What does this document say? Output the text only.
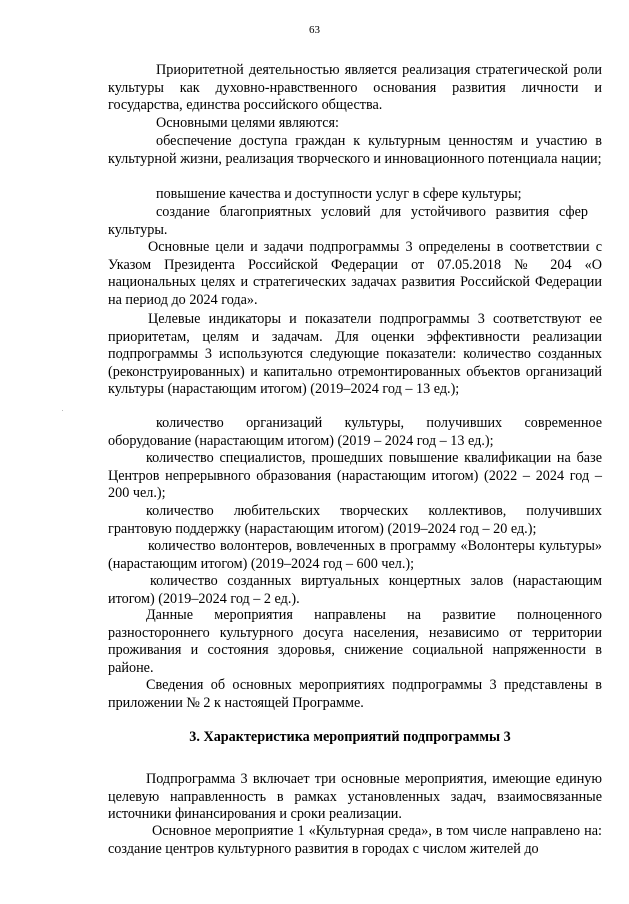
63

Приоритетной деятельностью является реализация стратегической роли культуры как духовно-нравственного основания развития личности и государства, единства российского общества.

Основными целями являются:

обеспечение доступа граждан к культурным ценностям и участию в культурной жизни, реализация творческого и инновационного потенциала нации;

повышение качества и доступности услуг в сфере культуры;

создание благоприятных условий для устойчивого развития сфер культуры.

Основные цели и задачи подпрограммы 3 определены в соответствии с Указом Президента Российской Федерации от 07.05.2018 № 204 «О национальных целях и стратегических задачах развития Российской Федерации на период до 2024 года».

Целевые индикаторы и показатели подпрограммы 3 соответствуют ее приоритетам, целям и задачам. Для оценки эффективности реализации подпрограммы 3 используются следующие показатели: количество созданных (реконструированных) и капитально отремонтированных объектов организаций культуры (нарастающим итогом) (2019–2024 год – 13 ед.);

количество организаций культуры, получивших современное оборудование (нарастающим итогом) (2019 – 2024 год – 13 ед.);

количество специалистов, прошедших повышение квалификации на базе Центров непрерывного образования (нарастающим итогом) (2022 – 2024 год – 200 чел.);

количество любительских творческих коллективов, получивших грантовую поддержку (нарастающим итогом) (2019–2024 год – 20 ед.);

количество волонтеров, вовлеченных в программу «Волонтеры культуры» (нарастающим итогом) (2019–2024 год – 600 чел.);

количество созданных виртуальных концертных залов (нарастающим итогом) (2019–2024 год – 2 ед.).

Данные мероприятия направлены на развитие полноценного разностороннего культурного досуга населения, независимо от территории проживания и состояния здоровья, снижение социальной напряженности в районе.

Сведения об основных мероприятиях подпрограммы 3 представлены в приложении № 2 к настоящей Программе.

3. Характеристика мероприятий подпрограммы 3

Подпрограмма 3 включает три основные мероприятия, имеющие единую целевую направленность в рамках установленных задач, взаимосвязанные источники финансирования и сроки реализации.

Основное мероприятие 1 «Культурная среда», в том числе направлено на: создание центров культурного развития в городах с числом жителей до
